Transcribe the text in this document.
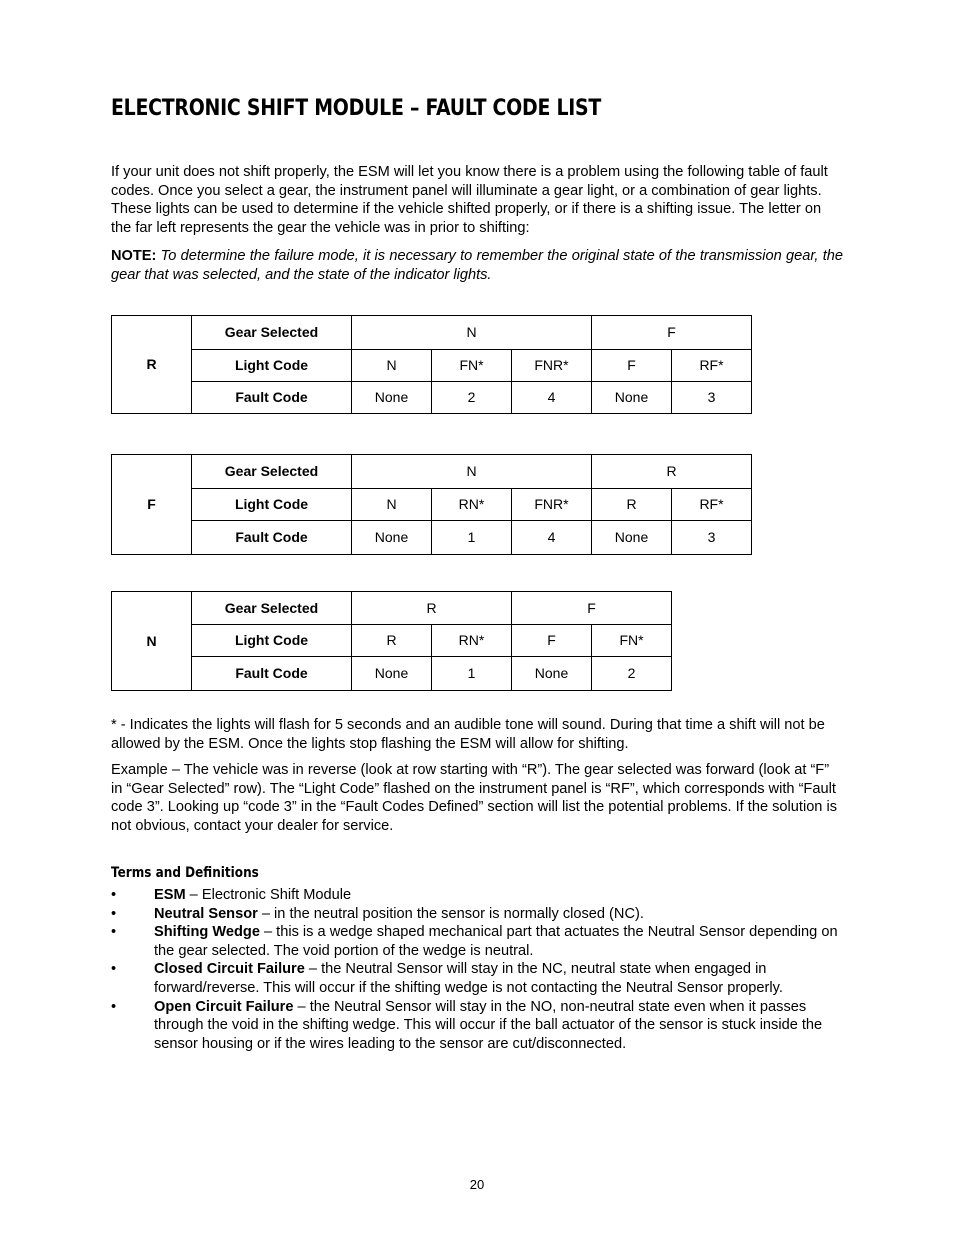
ELECTRONIC SHIFT MODULE – FAULT CODE LIST

If your unit does not shift properly, the ESM will let you know there is a problem using the following table of fault codes. Once you select a gear, the instrument panel will illuminate a gear light, or a combination of gear lights. These lights can be used to determine if the vehicle shifted properly, or if there is a shifting issue. The letter on the far left represents the gear the vehicle was in prior to shifting:

NOTE: To determine the failure mode, it is necessary to remember the original state of the transmission gear, the gear that was selected, and the state of the indicator lights.

R	Gear Selected	N			F	
	Light Code	N	FN*	FNR*	F	RF*
	Fault Code	None	2	4	None	3
F	Gear Selected	N			R	
	Light Code	N	RN*	FNR*	R	RF*
	Fault Code	None	1	4	None	3
N	Gear Selected	R		F	
	Light Code	R	RN*	F	FN*
	Fault Code	None	1	None	2

* - Indicates the lights will flash for 5 seconds and an audible tone will sound. During that time a shift will not be allowed by the ESM. Once the lights stop flashing the ESM will allow for shifting.

Example – The vehicle was in reverse (look at row starting with “R”). The gear selected was forward (look at “F” in “Gear Selected” row). The “Light Code” flashed on the instrument panel is “RF”, which corresponds with “Fault code 3”. Looking up “code 3” in the “Fault Codes Defined” section will list the potential problems. If the solution is not obvious, contact your dealer for service.

Terms and Definitions
•	ESM – Electronic Shift Module
•	Neutral Sensor – in the neutral position the sensor is normally closed (NC).
•	Shifting Wedge – this is a wedge shaped mechanical part that actuates the Neutral Sensor depending on the gear selected. The void portion of the wedge is neutral.
•	Closed Circuit Failure – the Neutral Sensor will stay in the NC, neutral state when engaged in forward/reverse. This will occur if the shifting wedge is not contacting the Neutral Sensor properly.
•	Open Circuit Failure – the Neutral Sensor will stay in the NO, non-neutral state even when it passes through the void in the shifting wedge. This will occur if the ball actuator of the sensor is stuck inside the sensor housing or if the wires leading to the sensor are cut/disconnected.
20
